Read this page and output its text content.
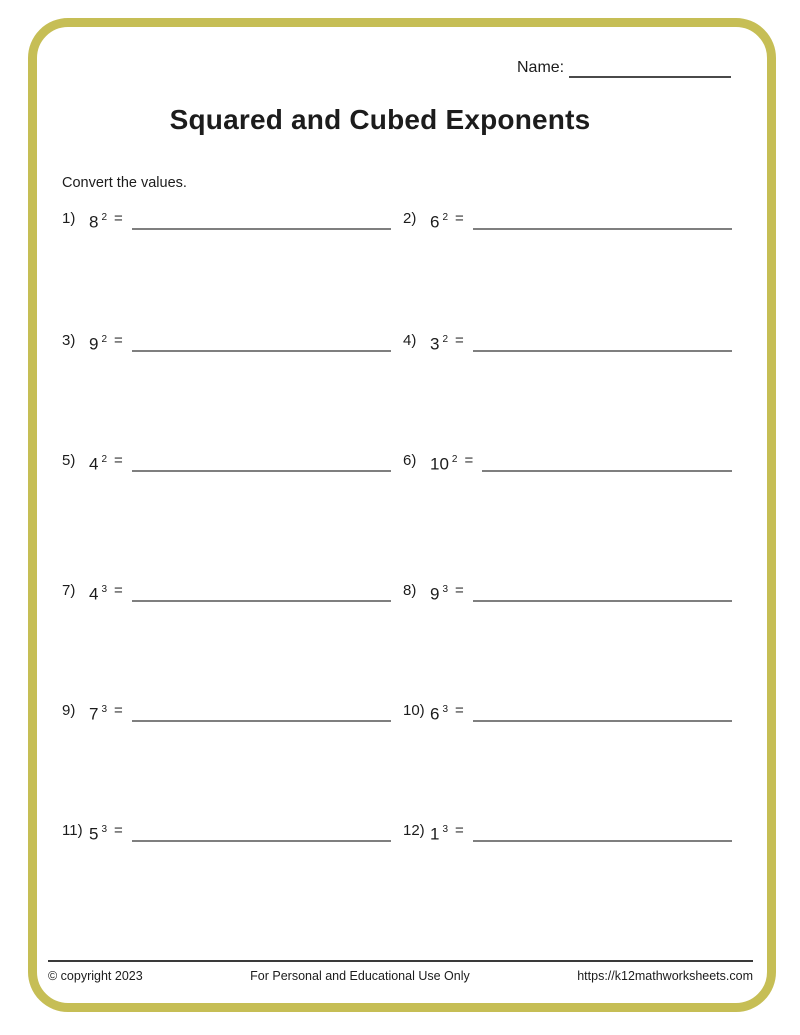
Name:
Squared and Cubed Exponents
Convert the values.
1) 8 $^2$ =	2) 6 $^2$ =
3) 9 $^2$ =	4) 3 $^2$ =
5) 4 $^2$ =	6) 10 $^2$ =
7) 4 $^3$ =	8) 9 $^3$ =
9) 7 $^3$ =	10) 6 $^3$ =
11) 5 $^3$ =	12) 1 $^3$ =
© copyright 2023	For Personal and Educational Use Only	https://k12mathworksheets.com
